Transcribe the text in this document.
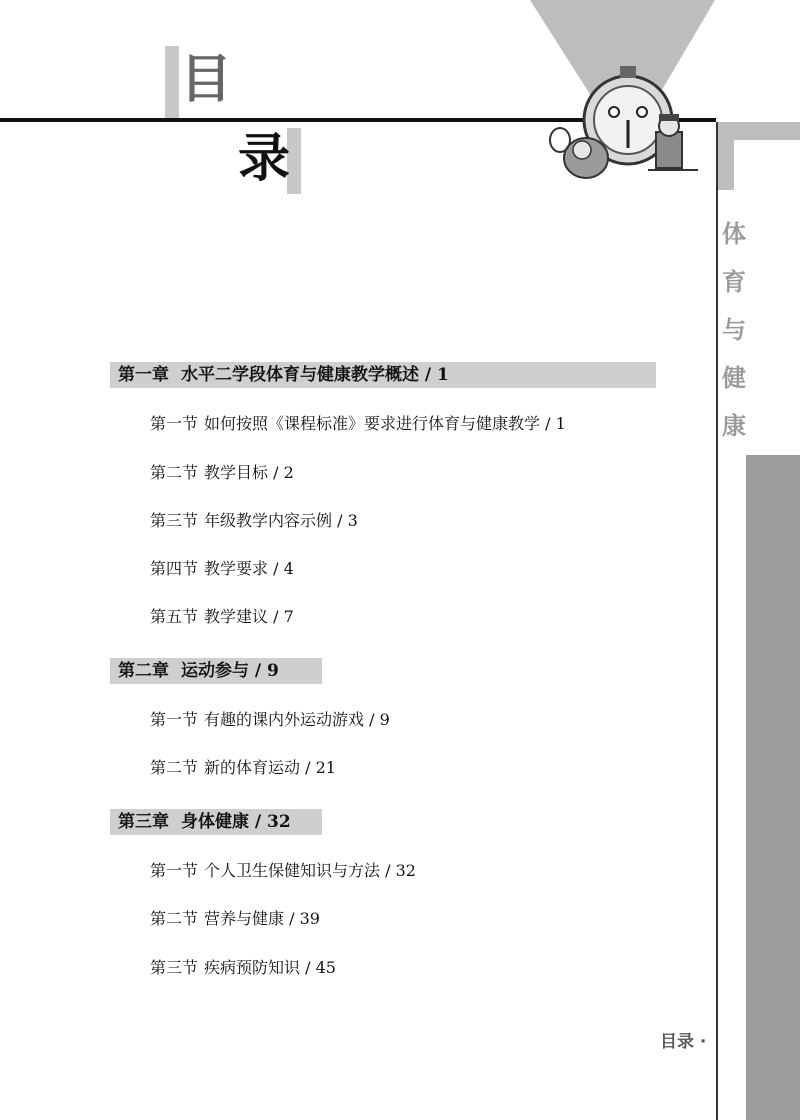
目
录
体育与健康
第一章 水平二学段体育与健康教学概述 / 1
第一节 如何按照《课程标准》要求进行体育与健康教学 / 1
第二节 教学目标 / 2
第三节 年级教学内容示例 / 3
第四节 教学要求 / 4
第五节 教学建议 / 7
第二章 运动参与 / 9
第一节 有趣的课内外运动游戏 / 9
第二节 新的体育运动 / 21
第三章 身体健康 / 32
第一节 个人卫生保健知识与方法 / 32
第二节 营养与健康 / 39
第三节 疾病预防知识 / 45
目录 · 1
